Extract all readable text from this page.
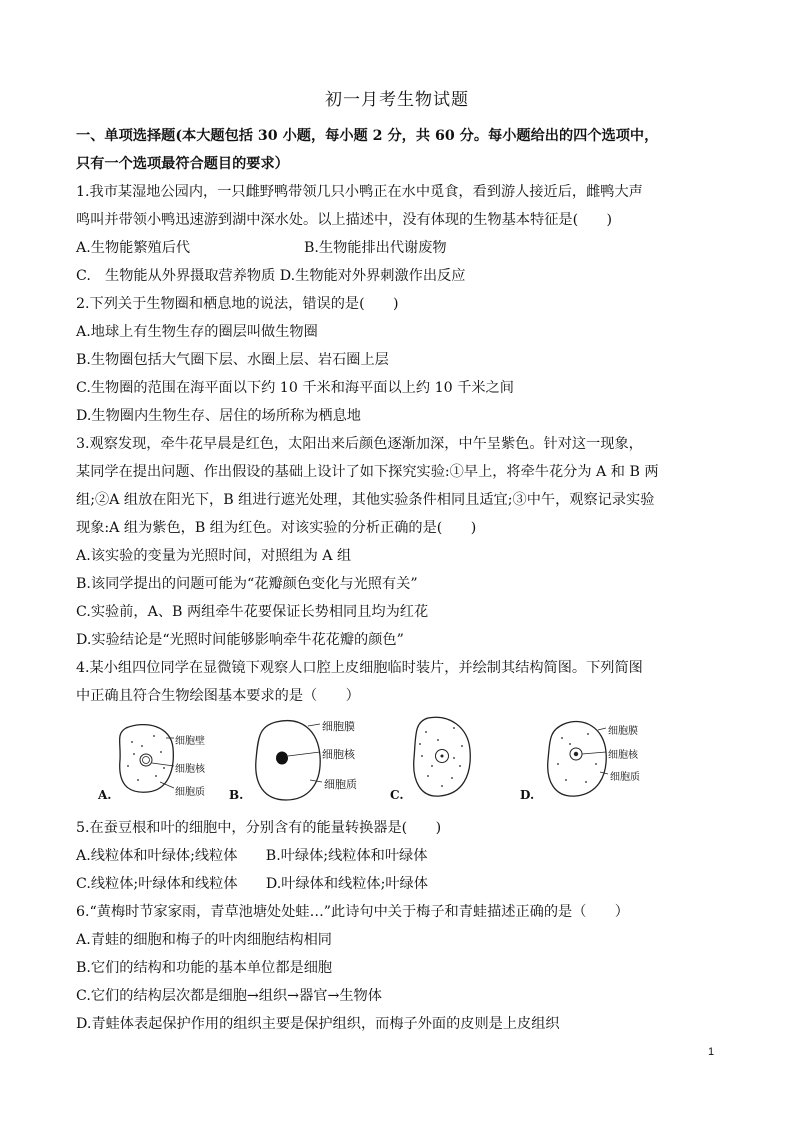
初一月考生物试题
一、单项选择题(本大题包括 30 小题，每小题 2 分，共 60 分。每小题给出的四个选项中，
只有一个选项最符合题目的要求）
1.我市某湿地公园内，一只雌野鸭带领几只小鸭正在水中觅食，看到游人接近后，雌鸭大声
鸣叫并带领小鸭迅速游到湖中深水处。以上描述中，没有体现的生物基本特征是(　　)
A.生物能繁殖后代	B.生物能排出代谢废物
C.　生物能从外界摄取营养物质 D.生物能对外界刺激作出反应
2.下列关于生物圈和栖息地的说法，错误的是(　　)
A.地球上有生物生存的圈层叫做生物圈
B.生物圈包括大气圈下层、水圈上层、岩石圈上层
C.生物圈的范围在海平面以下约 10 千米和海平面以上约 10 千米之间
D.生物圈内生物生存、居住的场所称为栖息地
3.观察发现，牵牛花早晨是红色，太阳出来后颜色逐渐加深，中午呈紫色。针对这一现象，
某同学在提出问题、作出假设的基础上设计了如下探究实验:①早上，将牵牛花分为 A 和 B 两
组;②A 组放在阳光下，B 组进行遮光处理，其他实验条件相同且适宜;③中午，观察记录实验
现象:A 组为紫色，B 组为红色。对该实验的分析正确的是(　　)
A.该实验的变量为光照时间，对照组为 A 组
B.该同学提出的问题可能为“花瓣颜色变化与光照有关”
C.实验前，A、B 两组牵牛花要保证长势相同且均为红花
D.实验结论是“光照时间能够影响牵牛花花瓣的颜色”
4.某小组四位同学在显微镜下观察人口腔上皮细胞临时装片，并绘制其结构简图。下列简图
中正确且符合生物绘图基本要求的是（　　）
细胞壁
细胞核
细胞质
A.
细胞膜
细胞核
细胞质
B.	C.
细胞膜
细胞核
细胞质
D.
5.在蚕豆根和叶的细胞中，分别含有的能量转换器是(　　)
A.线粒体和叶绿体;线粒体　　B.叶绿体;线粒体和叶绿体
C.线粒体;叶绿体和线粒体　　D.叶绿体和线粒体;叶绿体
6.“黄梅时节家家雨，青草池塘处处蛙…”此诗句中关于梅子和青蛙描述正确的是（　　）
A.青蛙的细胞和梅子的叶肉细胞结构相同
B.它们的结构和功能的基本单位都是细胞
C.它们的结构层次都是细胞→组织→器官→生物体
D.青蛙体表起保护作用的组织主要是保护组织，而梅子外面的皮则是上皮组织
1
